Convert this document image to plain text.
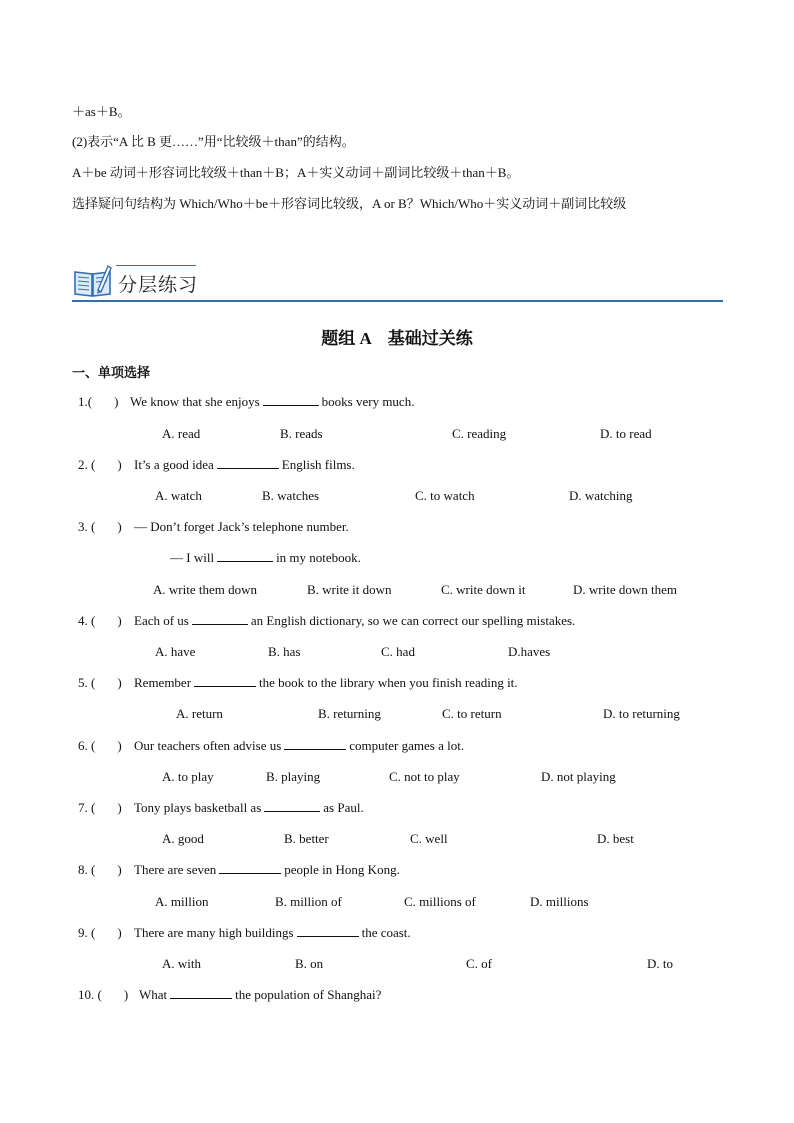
＋as＋B。
(2)表示“A 比 B 更……”用“比较级＋than”的结构。
A＋be 动词＋形容词比较级＋than＋B；A＋实义动词＋副词比较级＋than＋B。
选择疑问句结构为 Which/Who＋be＋形容词比较级，A or B？Which/Who＋实义动词＋副词比较级
分层练习
题组 A　基础过关练
一、单项选择
1.( ) We know that she enjoys	books very much.
A. read	B. reads	C. reading	D. to read
2. ( ) It’s a good idea	English films.
A. watch	B. watches	C. to watch	D. watching
3. ( ) — Don’t forget Jack’s telephone number.
— I will	in my notebook.
A. write them down	B. write it down	C. write down it	D. write down them
4. ( ) Each of us	an English dictionary, so we can correct our spelling mistakes.
A. have	B. has	C. had	D.haves
5. ( ) Remember	the book to the library when you finish reading it.
A. return	B. returning	C. to return	D. to returning
6. ( ) Our teachers often advise us	computer games a lot.
A. to play	B. playing	C. not to play	D. not playing
7. ( ) Tony plays basketball as	as Paul.
A. good	B. better	C. well	D. best
8. ( ) There are seven	people in Hong Kong.
A. million	B. million of	C. millions of	D. millions
9. ( ) There are many high buildings	the coast.
A. with	B. on	C. of	D. to
10. ( ) What	the population of Shanghai?
